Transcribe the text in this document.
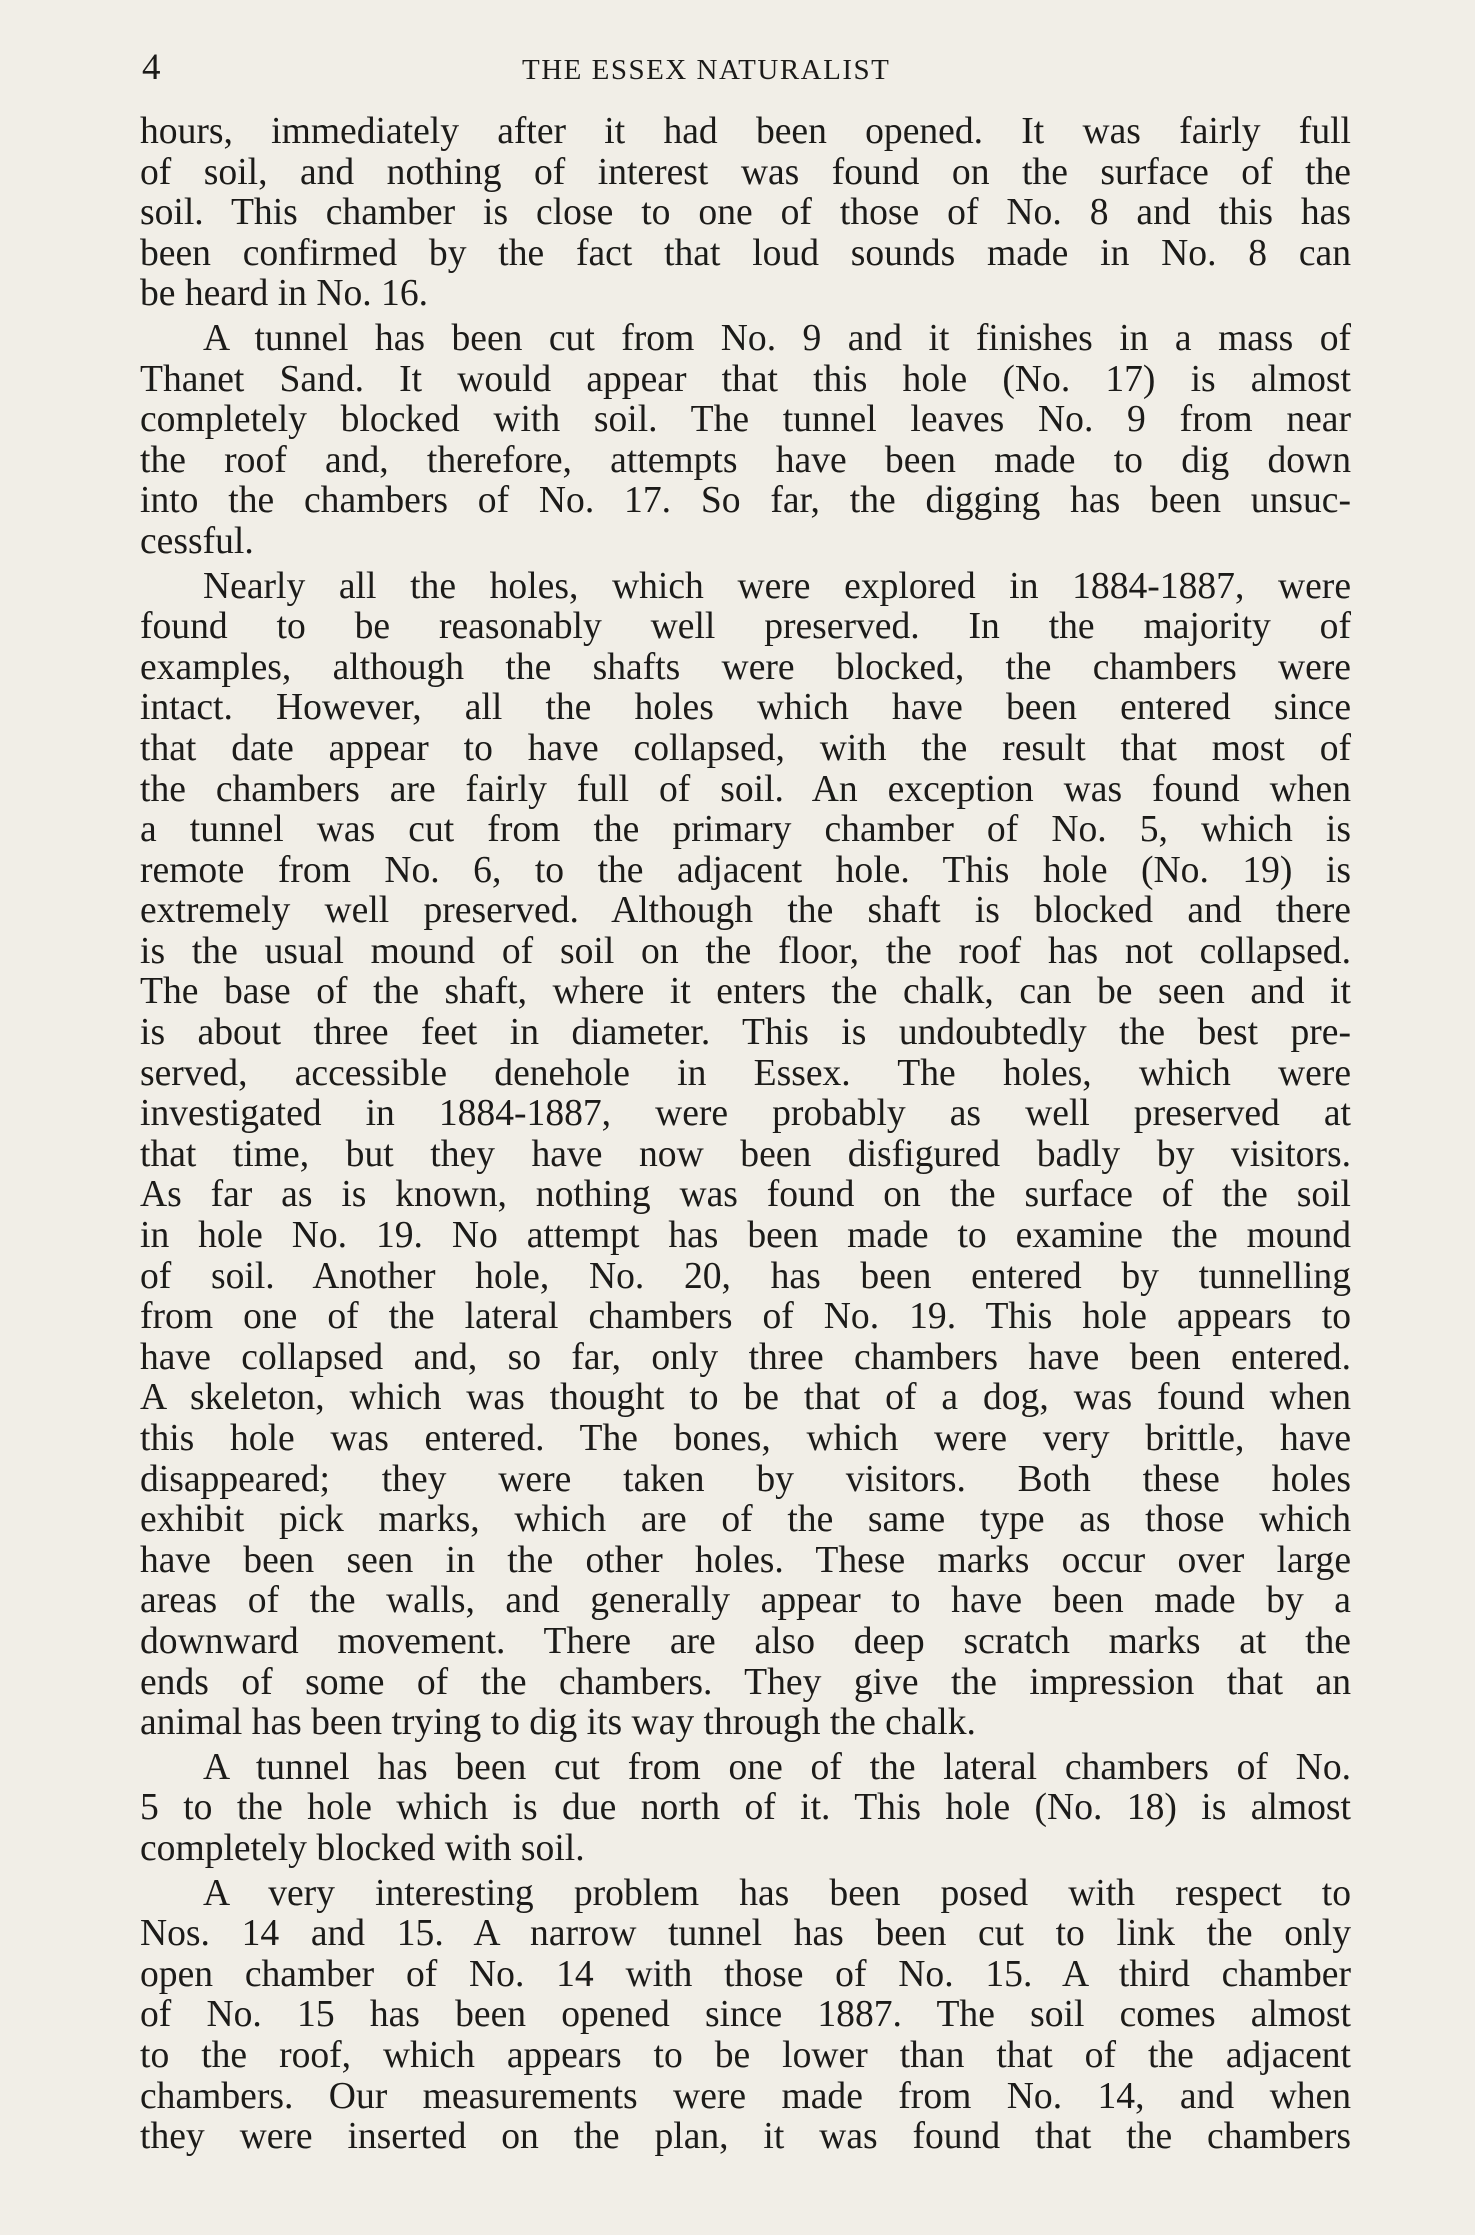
4	THE ESSEX NATURALIST
hours, immediately after it had been opened. It was fairly full
of soil, and nothing of interest was found on the surface of the
soil. This chamber is close to one of those of No. 8 and this has
been confirmed by the fact that loud sounds made in No. 8 can
be heard in No. 16.
A tunnel has been cut from No. 9 and it finishes in a mass of
Thanet Sand. It would appear that this hole (No. 17) is almost
completely blocked with soil. The tunnel leaves No. 9 from near
the roof and, therefore, attempts have been made to dig down
into the chambers of No. 17. So far, the digging has been unsuc-
cessful.
Nearly all the holes, which were explored in 1884-1887, were
found to be reasonably well preserved. In the majority of
examples, although the shafts were blocked, the chambers were
intact. However, all the holes which have been entered since
that date appear to have collapsed, with the result that most of
the chambers are fairly full of soil. An exception was found when
a tunnel was cut from the primary chamber of No. 5, which is
remote from No. 6, to the adjacent hole. This hole (No. 19) is
extremely well preserved. Although the shaft is blocked and there
is the usual mound of soil on the floor, the roof has not collapsed.
The base of the shaft, where it enters the chalk, can be seen and it
is about three feet in diameter. This is undoubtedly the best pre-
served, accessible denehole in Essex. The holes, which were
investigated in 1884-1887, were probably as well preserved at
that time, but they have now been disfigured badly by visitors.
As far as is known, nothing was found on the surface of the soil
in hole No. 19. No attempt has been made to examine the mound
of soil. Another hole, No. 20, has been entered by tunnelling
from one of the lateral chambers of No. 19. This hole appears to
have collapsed and, so far, only three chambers have been entered.
A skeleton, which was thought to be that of a dog, was found when
this hole was entered. The bones, which were very brittle, have
disappeared; they were taken by visitors. Both these holes
exhibit pick marks, which are of the same type as those which
have been seen in the other holes. These marks occur over large
areas of the walls, and generally appear to have been made by a
downward movement. There are also deep scratch marks at the
ends of some of the chambers. They give the impression that an
animal has been trying to dig its way through the chalk.
A tunnel has been cut from one of the lateral chambers of No.
5 to the hole which is due north of it. This hole (No. 18) is almost
completely blocked with soil.
A very interesting problem has been posed with respect to
Nos. 14 and 15. A narrow tunnel has been cut to link the only
open chamber of No. 14 with those of No. 15. A third chamber
of No. 15 has been opened since 1887. The soil comes almost
to the roof, which appears to be lower than that of the adjacent
chambers. Our measurements were made from No. 14, and when
they were inserted on the plan, it was found that the chambers
